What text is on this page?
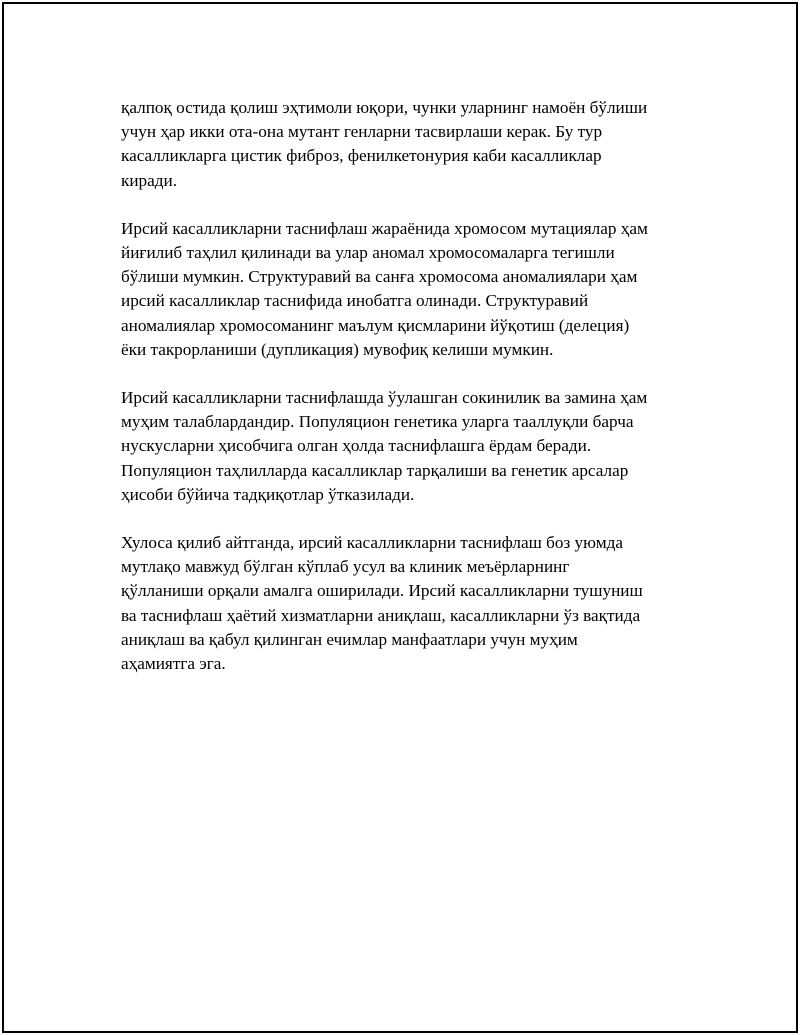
қалпоқ остида қолиш эҳтимоли юқори, чунки уларнинг намоён бўлиши
учун ҳар икки ота-она мутант генларни тасвирлаши керак. Бу тур
касалликларга цистик фиброз, фенилкетонурия каби касалликлар
киради.

Ирсий касалликларни таснифлаш жараёнида хромосом мутациялар ҳам
йиғилиб таҳлил қилинади ва улар аномал хромосомаларга тегишли
бўлиши мумкин. Структуравий ва санға хромосома аномалиялари ҳам
ирсий касалликлар таснифида инобатга олинади. Структуравий
аномалиялар хромосоманинг маълум қисмларини йўқотиш (делеция)
ёки такрорланиши (дупликация) мувофиқ келиши мумкин.

Ирсий касалликларни таснифлашда ўулашган сокинилик ва замина ҳам
муҳим талаблардандир. Популяцион генетика уларга тааллуқли барча
нускусларни ҳисобчига олган ҳолда таснифлашга ёрдам беради.
Популяцион таҳлилларда касалликлар тарқалиши ва генетик арсалар
ҳисоби бўйича тадқиқотлар ўтказилади.

Хулоса қилиб айтганда, ирсий касалликларни таснифлаш боз уюмда
мутлақо мавжуд бўлган кўплаб усул ва клиник меъёрларнинг
қўлланиши орқали амалга оширилади. Ирсий касалликларни тушуниш
ва таснифлаш ҳаётий хизматларни аниқлаш, касалликларни ўз вақтида
аниқлаш ва қабул қилинган ечимлар манфаатлари учун муҳим
аҳамиятга эга.
